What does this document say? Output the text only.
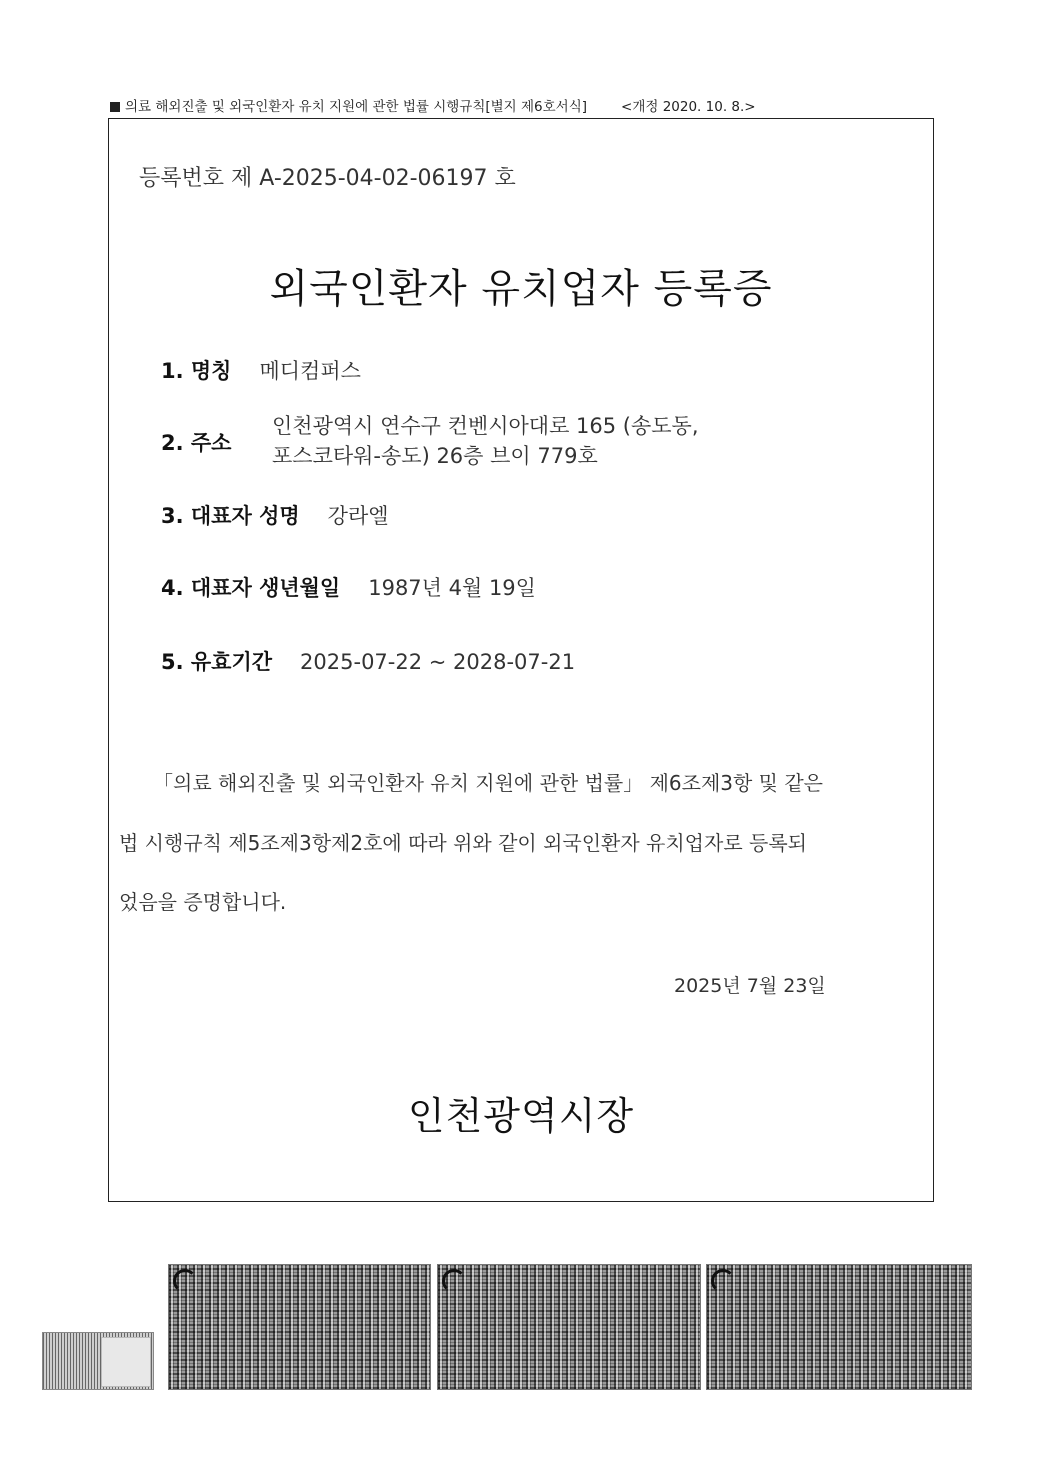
의료 해외진출 및 외국인환자 유치 지원에 관한 법률 시행규칙[별지 제6호서식]	<개정 2020. 10. 8.>
등록번호 제 A-2025-04-02-06197 호
외국인환자 유치업자 등록증
1. 명칭 메디컴퍼스
2. 주소
인천광역시 연수구 컨벤시아대로 165 (송도동,
포스코타워-송도) 26층 브이 779호
3. 대표자 성명 강라엘
4. 대표자 생년월일 1987년 4월 19일
5. 유효기간 2025-07-22 ~ 2028-07-21
「의료 해외진출 및 외국인환자 유치 지원에 관한 법률」 제6조제3항 및 같은
법 시행규칙 제5조제3항제2호에 따라 위와 같이 외국인환자 유치업자로 등록되
었음을 증명합니다.
2025년 7월 23일
인천광역시장
